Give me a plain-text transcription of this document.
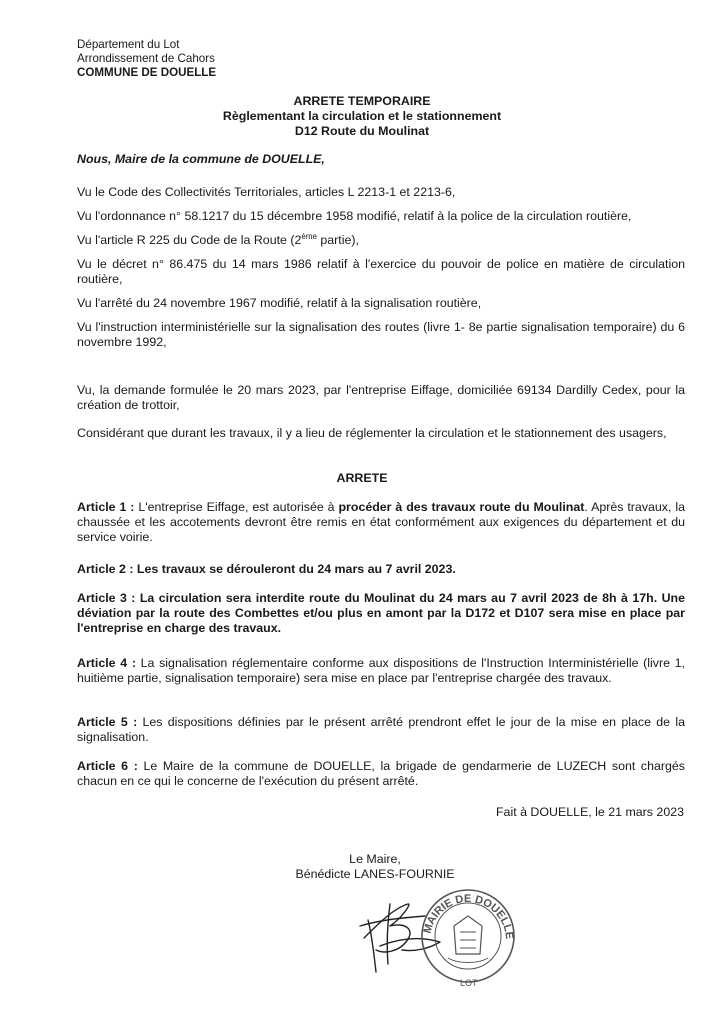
Département du Lot
Arrondissement de Cahors
COMMUNE DE DOUELLE
ARRETE TEMPORAIRE
Règlementant la circulation et le stationnement
D12 Route du Moulinat
Nous, Maire de la commune de DOUELLE,

Vu le Code des Collectivités Territoriales, articles L 2213-1 et 2213-6,

Vu l'ordonnance n° 58.1217 du 15 décembre 1958 modifié, relatif à la police de la circulation routière,

Vu l'article R 225 du Code de la Route (2ème partie),

Vu le décret n° 86.475 du 14 mars 1986 relatif à l'exercice du pouvoir de police en matière de circulation routière,

Vu l'arrêté du 24 novembre 1967 modifié, relatif à la signalisation routière,

Vu l'instruction interministérielle sur la signalisation des routes (livre 1- 8e partie signalisation temporaire) du 6 novembre 1992,

Vu, la demande formulée le 20 mars 2023, par l'entreprise Eiffage, domiciliée 69134 Dardilly Cedex, pour la création de trottoir,

Considérant que durant les travaux, il y a lieu de réglementer la circulation et le stationnement des usagers,

ARRETE

Article 1 : L'entreprise Eiffage, est autorisée à procéder à des travaux route du Moulinat. Après travaux, la chaussée et les accotements devront être remis en état conformément aux exigences du département et du service voirie.

Article 2 : Les travaux se dérouleront du 24 mars au 7 avril 2023.

Article 3 : La circulation sera interdite route du Moulinat du 24 mars au 7 avril 2023 de 8h à 17h. Une déviation par la route des Combettes et/ou plus en amont par la D172 et D107 sera mise en place par l'entreprise en charge des travaux.

Article 4 : La signalisation réglementaire conforme aux dispositions de l'Instruction Interministérielle (livre 1, huitième partie, signalisation temporaire) sera mise en place par l'entreprise chargée des travaux.

Article 5 : Les dispositions définies par le présent arrêté prendront effet le jour de la mise en place de la signalisation.

Article 6 : Le Maire de la commune de DOUELLE, la brigade de gendarmerie de LUZECH sont chargés chacun en ce qui le concerne de l'exécution du présent arrêté.

Fait à DOUELLE, le 21 mars 2023
Le Maire,
Bénédicte LANES-FOURNIE
MAIRIE DE DOUELLE
LOT
